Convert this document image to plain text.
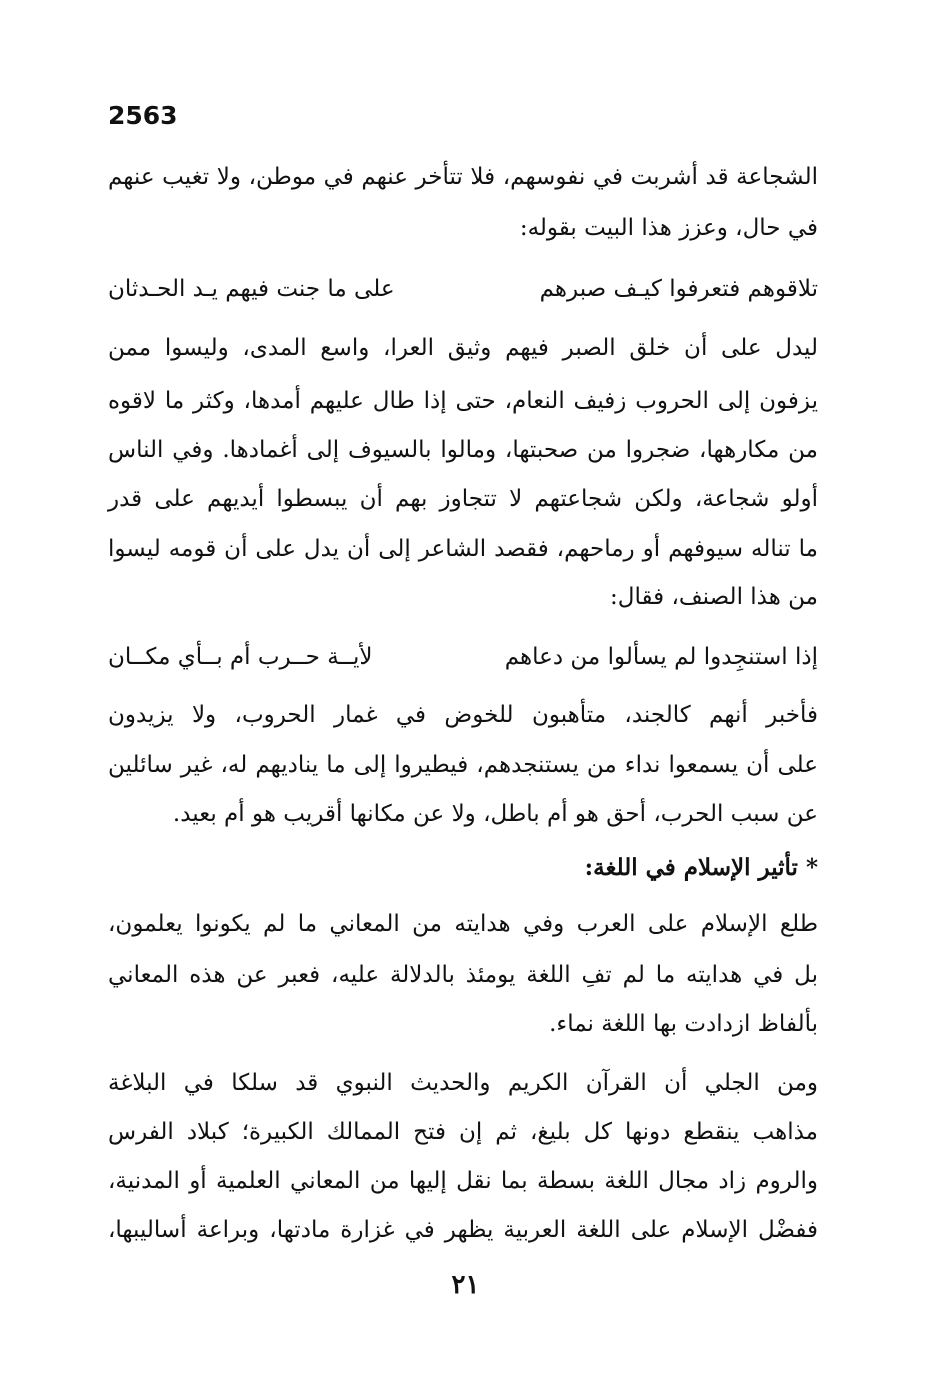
2563
الشجاعة قد أشربت في نفوسهم، فلا تتأخر عنهم في موطن، ولا تغيب عنهم
في حال، وعزز هذا البيت بقوله:
تلاقوهم فتعرفوا كيـف صبرهم
على ما جنت فيهم يـد الحـدثان
ليدل على أن خلق الصبر فيهم وثيق العرا، واسع المدى، وليسوا ممن
يزفون إلى الحروب زفيف النعام، حتى إذا طال عليهم أمدها، وكثر ما لاقوه
من مكارهها، ضجروا من صحبتها، ومالوا بالسيوف إلى أغمادها. وفي الناس
أولو شجاعة، ولكن شجاعتهم لا تتجاوز بهم أن يبسطوا أيديهم على قدر
ما تناله سيوفهم أو رماحهم، فقصد الشاعر إلى أن يدل على أن قومه ليسوا
من هذا الصنف، فقال:
إذا استنجِدوا لم يسألوا من دعاهم
لأيــة حــرب أم بــأي مكــان
فأخبر أنهم كالجند، متأهبون للخوض في غمار الحروب، ولا يزيدون
على أن يسمعوا نداء من يستنجدهم، فيطيروا إلى ما يناديهم له، غير سائلين
عن سبب الحرب، أحق هو أم باطل، ولا عن مكانها أقريب هو أم بعيد.
* تأثير الإسلام في اللغة:
طلع الإسلام على العرب وفي هدايته من المعاني ما لم يكونوا يعلمون،
بل في هدايته ما لم تفِ اللغة يومئذ بالدلالة عليه، فعبر عن هذه المعاني
بألفاظ ازدادت بها اللغة نماء.
ومن الجلي أن القرآن الكريم والحديث النبوي قد سلكا في البلاغة
مذاهب ينقطع دونها كل بليغ، ثم إن فتح الممالك الكبيرة؛ كبلاد الفرس
والروم زاد مجال اللغة بسطة بما نقل إليها من المعاني العلمية أو المدنية،
ففضْل الإسلام على اللغة العربية يظهر في غزارة مادتها، وبراعة أساليبها،
٢١
